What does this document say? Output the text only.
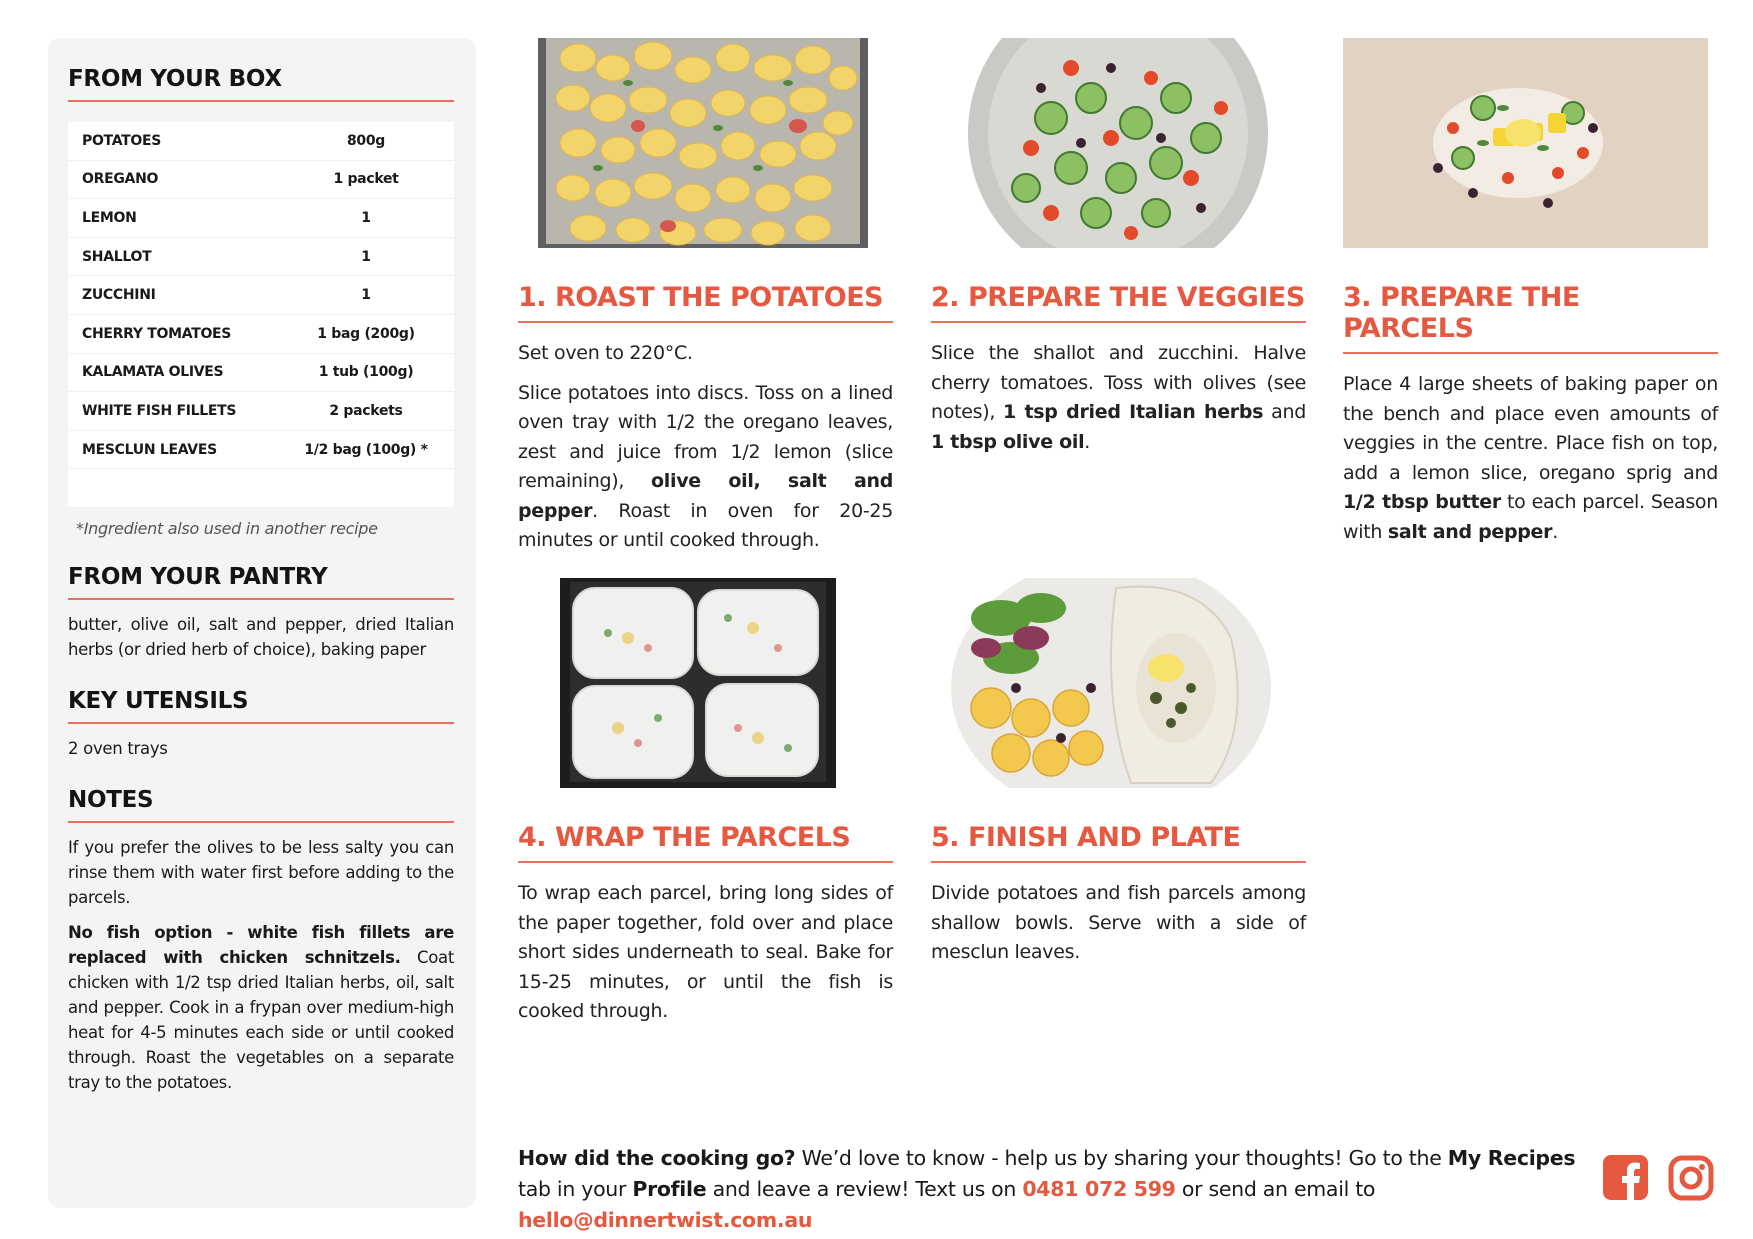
FROM YOUR BOX
POTATOES	800g
OREGANO	1 packet
LEMON	1
SHALLOT	1
ZUCCHINI	1
CHERRY TOMATOES	1 bag (200g)
KALAMATA OLIVES	1 tub (100g)
WHITE FISH FILLETS	2 packets
MESCLUN LEAVES	1/2 bag (100g) *
*Ingredient also used in another recipe
FROM YOUR PANTRY
butter, olive oil, salt and pepper, dried Italian herbs (or dried herb of choice), baking paper
KEY UTENSILS
2 oven trays
NOTES
If you prefer the olives to be less salty you can rinse them with water first before adding to the parcels.
No fish option - white fish fillets are replaced with chicken schnitzels. Coat chicken with 1/2 tsp dried Italian herbs, oil, salt and pepper. Cook in a frypan over medium-high heat for 4-5 minutes each side or until cooked through. Roast the vegetables on a separate tray to the potatoes.
1. ROAST THE POTATOES
Set oven to 220°C.
Slice potatoes into discs. Toss on a lined oven tray with 1/2 the oregano leaves, zest and juice from 1/2 lemon (slice remaining), olive oil, salt and pepper. Roast in oven for 20-25 minutes or until cooked through.
2. PREPARE THE VEGGIES
Slice the shallot and zucchini. Halve cherry tomatoes. Toss with olives (see notes), 1 tsp dried Italian herbs and 1 tbsp olive oil.
3. PREPARE THE PARCELS
Place 4 large sheets of baking paper on the bench and place even amounts of veggies in the centre. Place fish on top, add a lemon slice, oregano sprig and 1/2 tbsp butter to each parcel. Season with salt and pepper.
4. WRAP THE PARCELS
To wrap each parcel, bring long sides of the paper together, fold over and place short sides underneath to seal. Bake for 15-25 minutes, or until the fish is cooked through.
5. FINISH AND PLATE
Divide potatoes and fish parcels among shallow bowls. Serve with a side of mesclun leaves.
How did the cooking go? We’d love to know - help us by sharing your thoughts! Go to the My Recipes tab in your Profile and leave a review! Text us on 0481 072 599 or send an email to hello@dinnertwist.com.au
